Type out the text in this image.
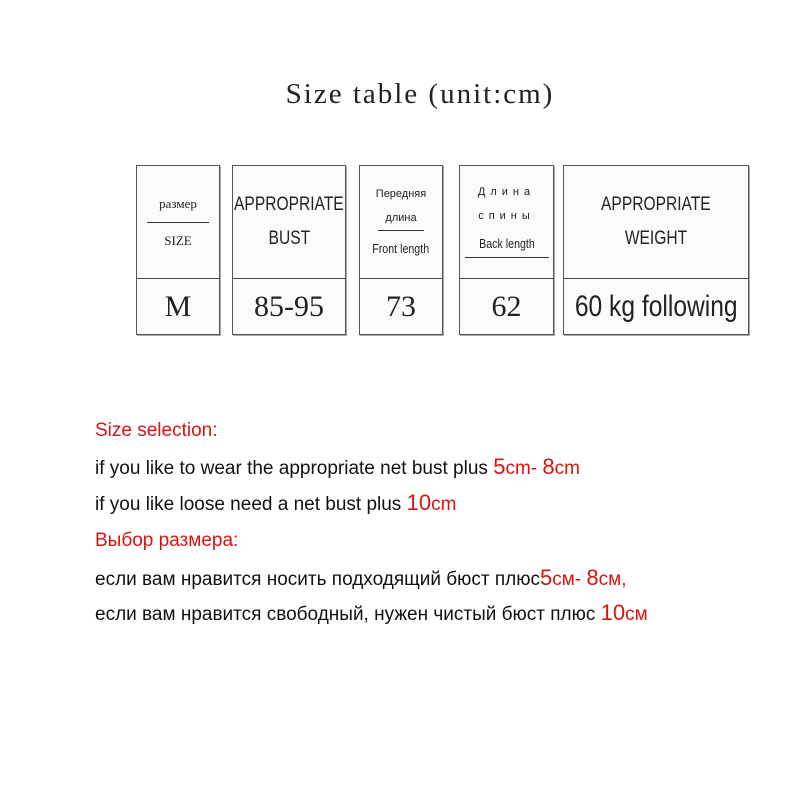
Size table (unit:cm)
размер
SIZE
M
APPROPRIATE
BUST
85-95
Передняя
длина
Front length
73
Длина
спины
Back length
62
APPROPRIATE
WEIGHT
60 kg following
Size selection:
if you like to wear the appropriate net bust plus 5cm- 8cm
if you like loose need a net bust plus 10cm
Выбор размера:
если вам нравится носить подходящий бюст плюс5см- 8см,
если вам нравится свободный, нужен чистый бюст плюс 10см
